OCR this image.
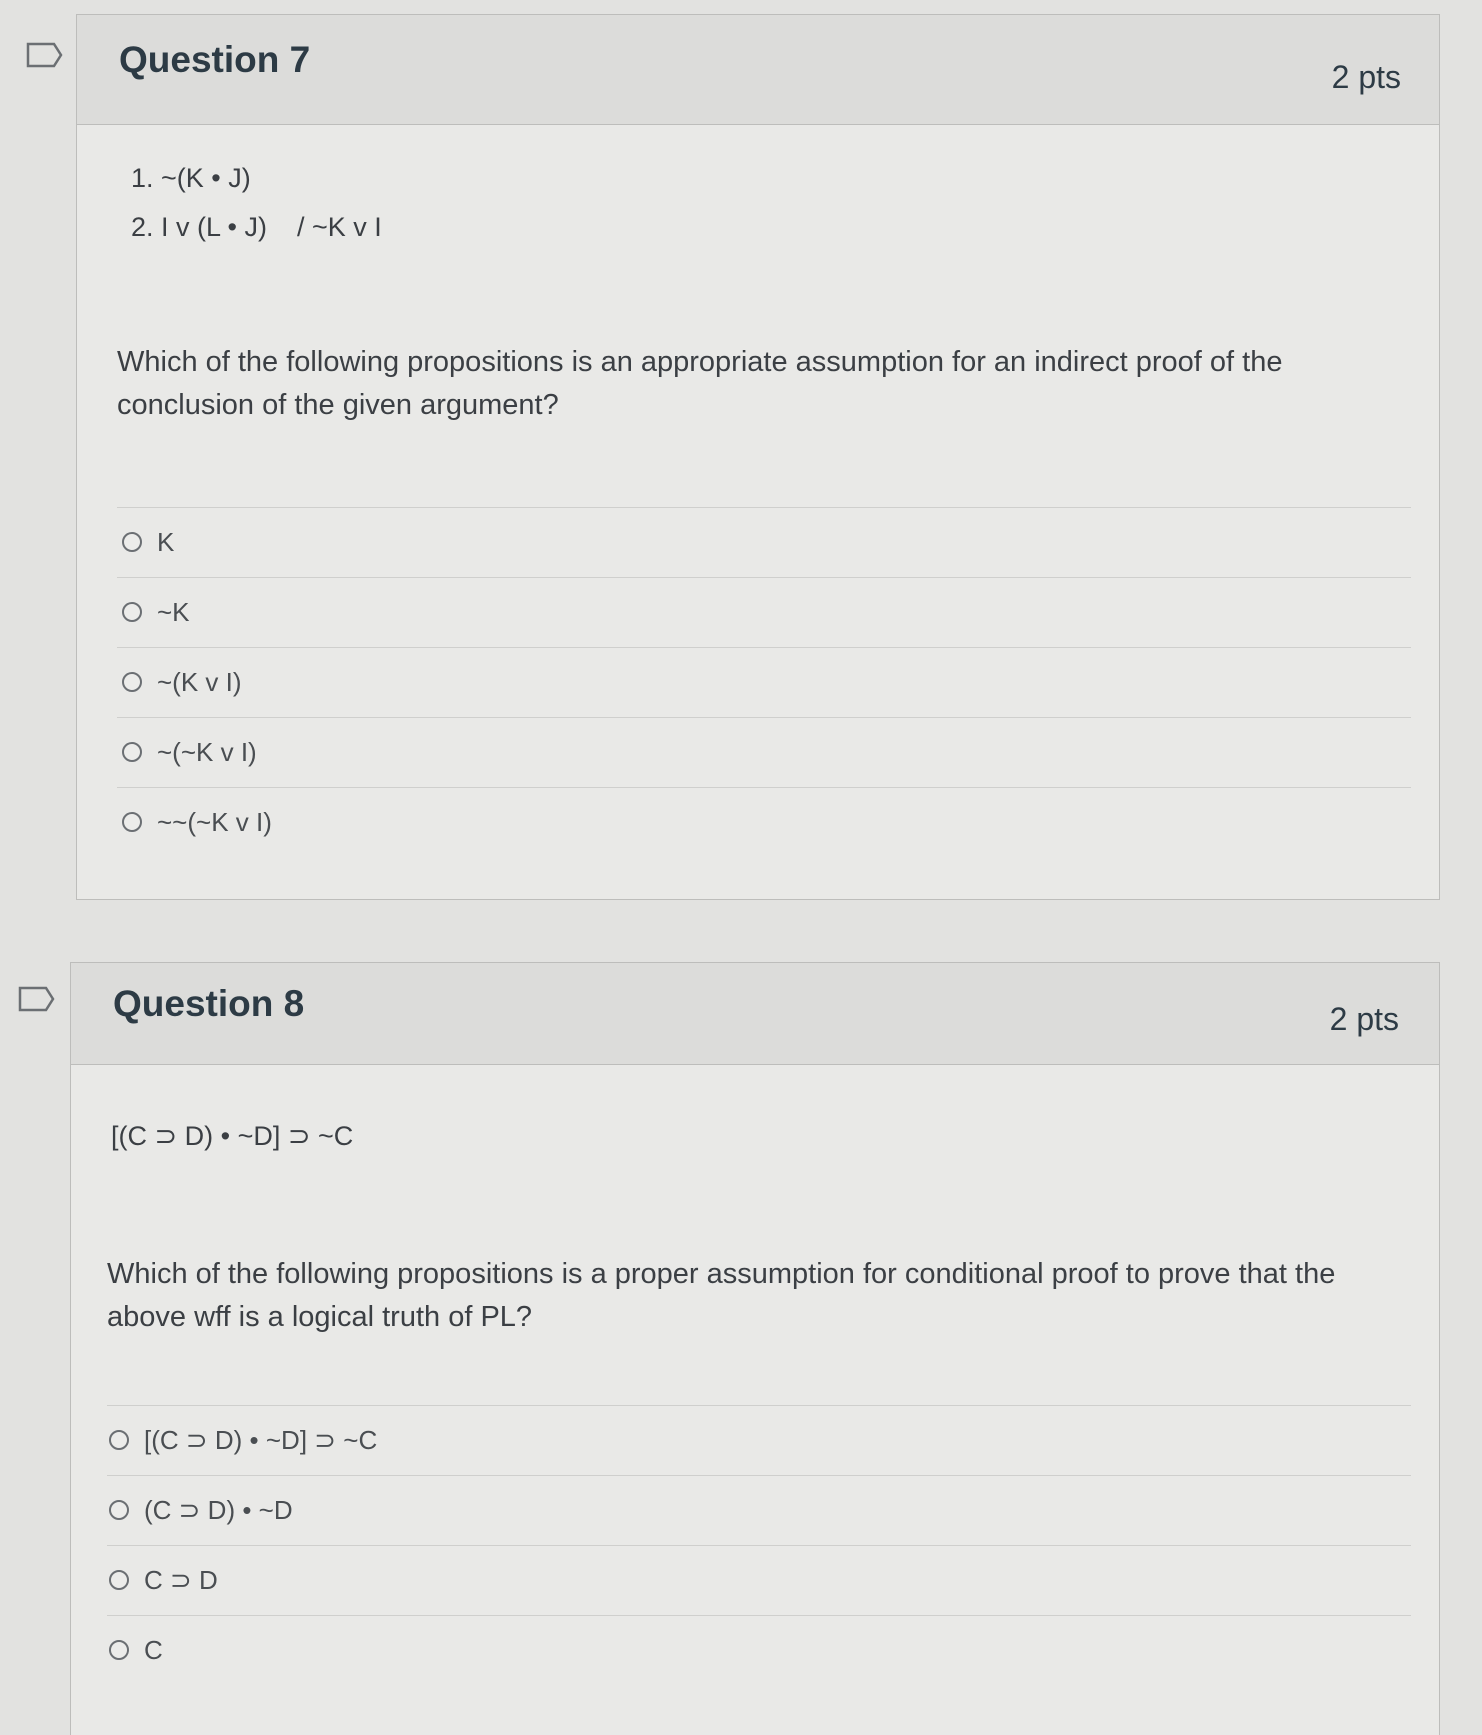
Question 7	2 pts
1. ~(K • J)
2. I v (L • J)    / ~K v I
Which of the following propositions is an appropriate assumption for an indirect proof of the conclusion of the given argument?
K
~K
~(K v I)
~(~K v I)
~~(~K v I)
Question 8	2 pts
[(C ⊃ D) • ~D] ⊃ ~C
Which of the following propositions is a proper assumption for conditional proof to prove that the above wff is a logical truth of PL?
[(C ⊃ D) • ~D] ⊃ ~C
(C ⊃ D) • ~D
C ⊃ D
C
